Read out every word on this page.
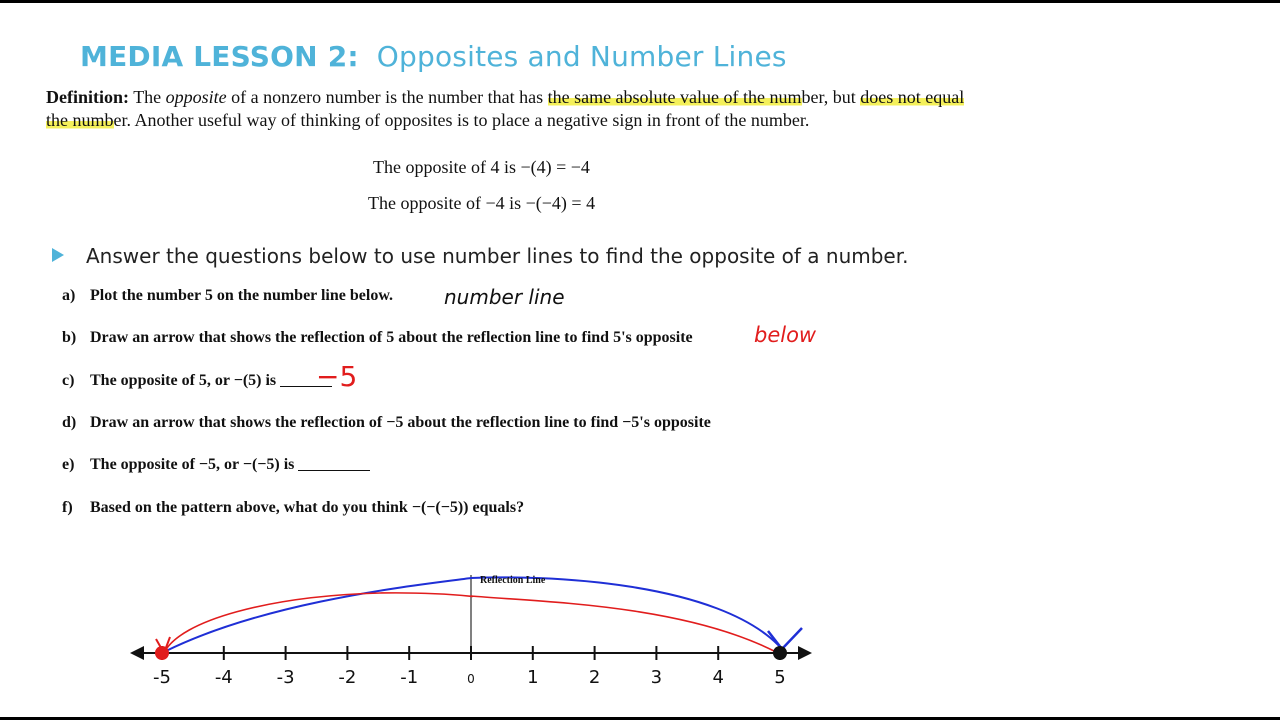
MEDIA LESSON 2: Opposites and Number Lines
Definition: The opposite of a nonzero number is the number that has the same absolute value of the number, but does not equal the number. Another useful way of thinking of opposites is to place a negative sign in front of the number.
The opposite of 4 is −(4) = −4
The opposite of −4 is −(−4) = 4
Answer the questions below to use number lines to find the opposite of a number.
a) Plot the number 5 on the number line below.
b) Draw an arrow that shows the reflection of 5 about the reflection line to find 5's opposite
c) The opposite of 5, or −(5) is
d) Draw an arrow that shows the reflection of −5 about the reflection line to find −5's opposite
e) The opposite of −5, or −(−5) is
f) Based on the pattern above, what do you think −(−(−5)) equals?
number line
below
−5
-5 -4 -3 -2 -1	0	1	2	3	4	5
Reflection Line
